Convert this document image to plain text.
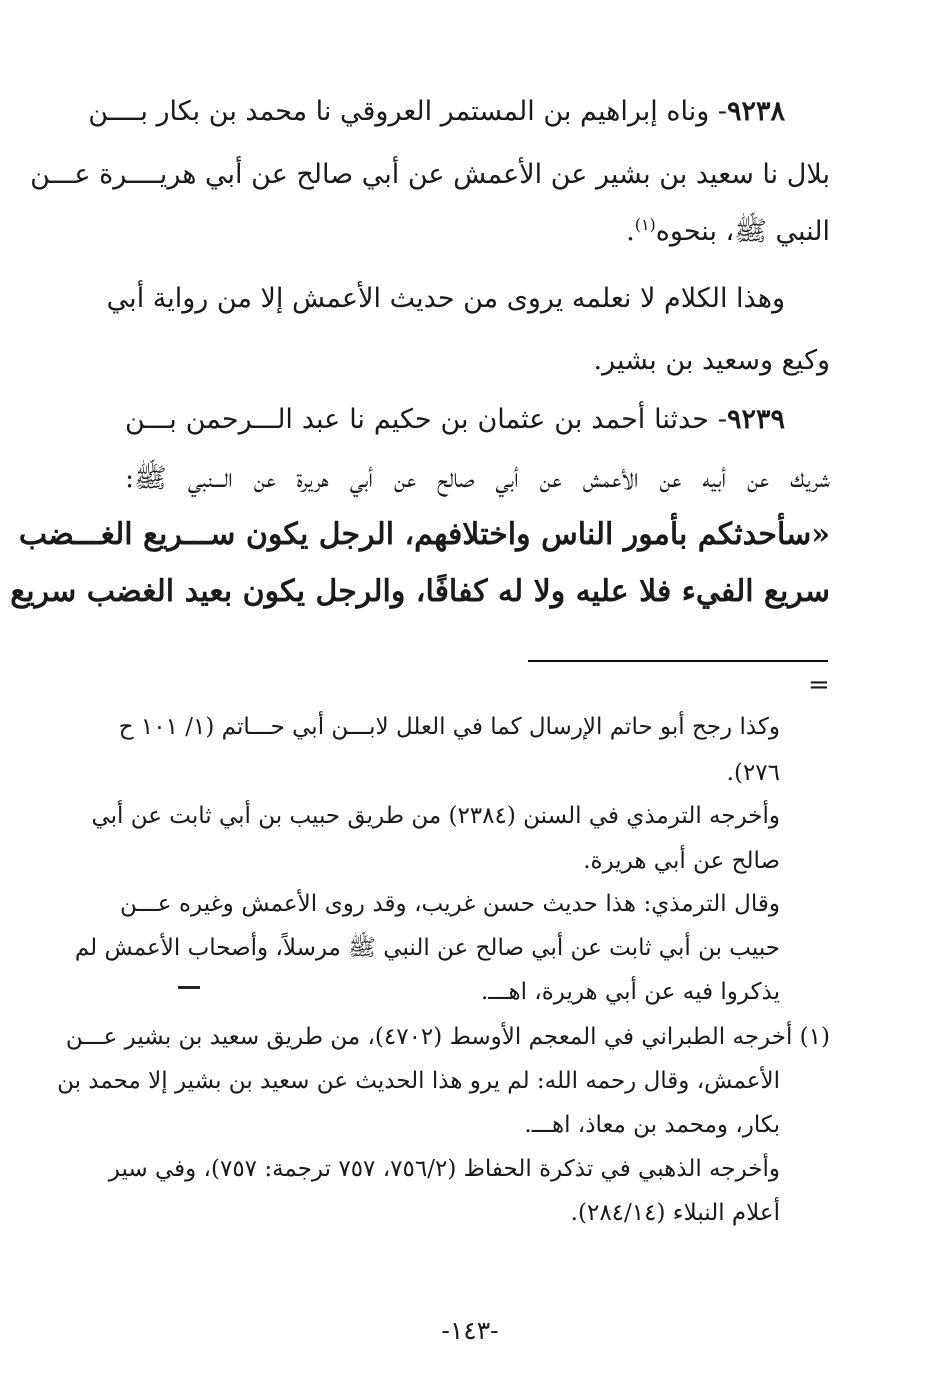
٩٢٣٨- وناه إبراهيم بن المستمر العروقي نا محمد بن بكار بــــن
بلال نا سعيد بن بشير عن الأعمش عن أبي صالح عن أبي هريــــرة عـــن
النبي ﷺ، بنحوه$^{(١)}$.
وهذا الكلام لا نعلمه يروى من حديث الأعمش إلا من رواية أبي
وكيع وسعيد بن بشير.
٩٢٣٩- حدثنا أحمد بن عثمان بن حكيم نا عبد الـــرحمن بـــن
شريك عن أبيه عن الأعمش عن أبي صالح عن أبي هريرة عن الـــنبي ﷺ:
«سأحدثكم بأمور الناس واختلافهم، الرجل يكون ســـريع الغـــضب
سريع الفيء فلا عليه ولا له كفافًا، والرجل يكون بعيد الغضب سريع
=
وكذا رجح أبو حاتم الإرسال كما في العلل لابـــن أبي حـــاتم (١/ ١٠١ ح
٢٧٦).
وأخرجه الترمذي في السنن (٢٣٨٤) من طريق حبيب بن أبي ثابت عن أبي
صالح عن أبي هريرة.
وقال الترمذي: هذا حديث حسن غريب، وقد روى الأعمش وغيره عـــن
حبيب بن أبي ثابت عن أبي صالح عن النبي ﷺ مرسلاً، وأصحاب الأعمش لم
يذكروا فيه عن أبي هريرة، اهـــ.
(١) أخرجه الطبراني في المعجم الأوسط (٤٧٠٢)، من طريق سعيد بن بشير عـــن
الأعمش، وقال رحمه الله: لم يرو هذا الحديث عن سعيد بن بشير إلا محمد بن
بكار، ومحمد بن معاذ، اهـــ.
وأخرجه الذهبي في تذكرة الحفاظ (٧٥٦/٢، ٧٥٧ ترجمة: ٧٥٧)، وفي سير
أعلام النبلاء (٢٨٤/١٤).
-١٤٣-
